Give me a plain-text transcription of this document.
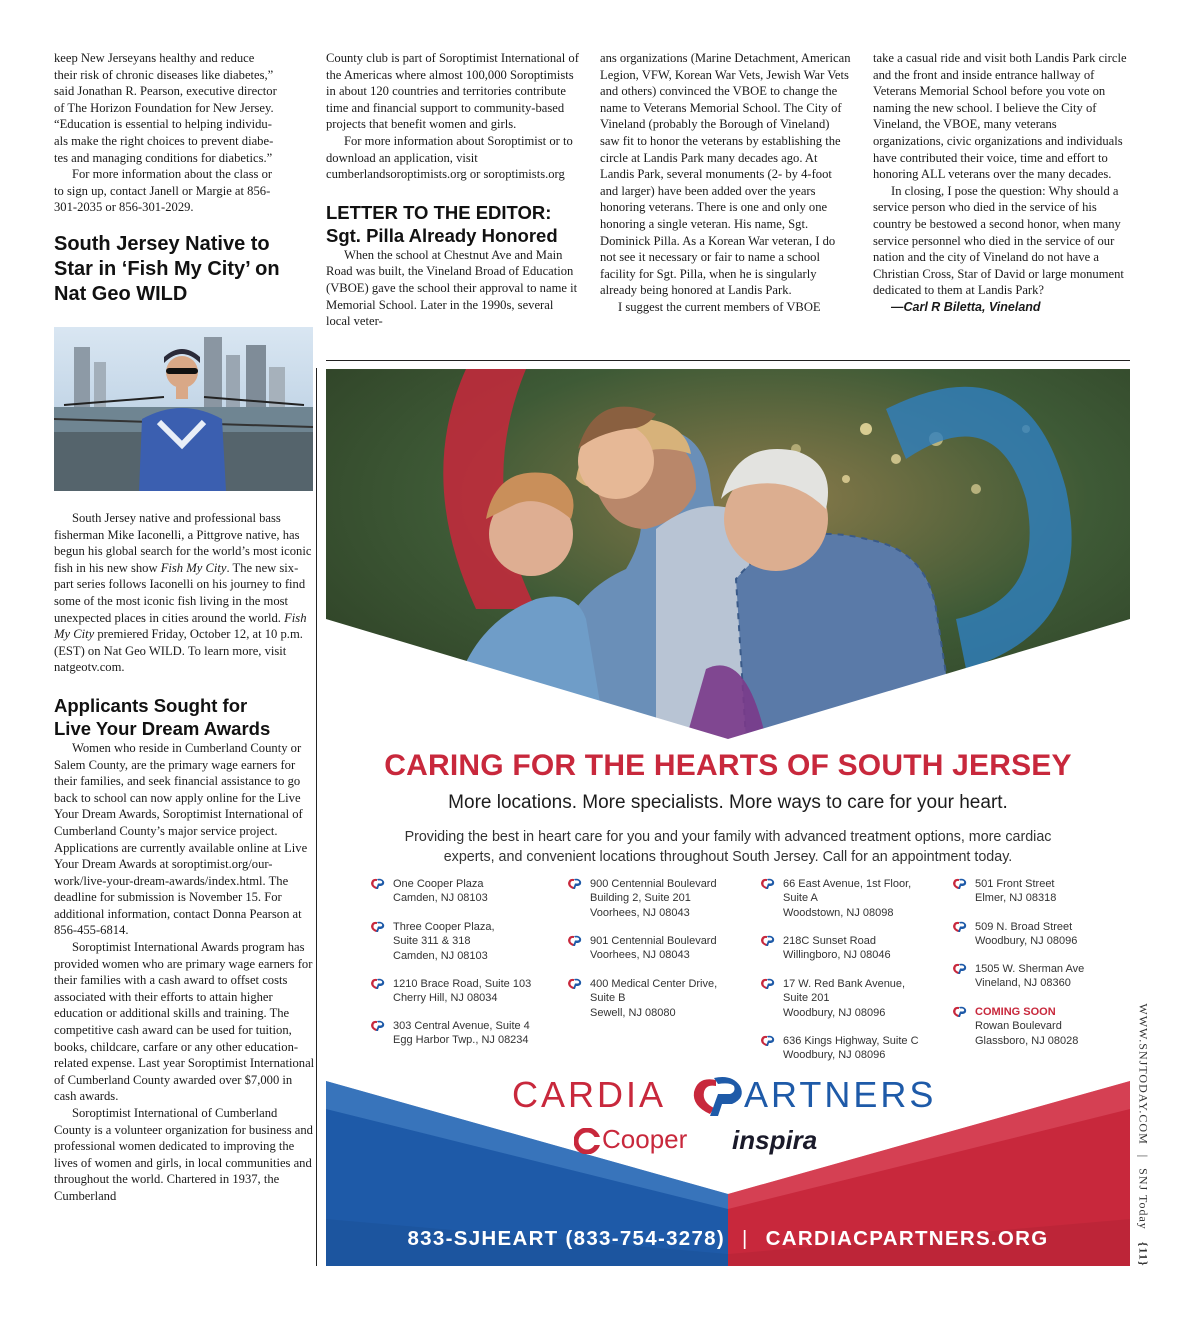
keep New Jerseyans healthy and reduce
their risk of chronic diseases like diabetes,”
said Jonathan R. Pearson, executive director
of The Horizon Foundation for New Jersey.
“Education is essential to helping individu-
als make the right choices to prevent diabe-
tes and managing conditions for diabetics.”
For more information about the class or
to sign up, contact Janell or Margie at 856-
301-2035 or 856-301-2029.
South Jersey Native to
Star in ‘Fish My City’ on
Nat Geo WILD

South Jersey native and professional bass fisherman Mike Iaconelli, a Pittgrove native, has begun his global search for the world’s most iconic fish in his new show Fish My City. The new six-part series follows Iaconelli on his journey to find some of the most iconic fish living in the most unexpected places in cities around the world. Fish My City premiered Friday, October 12, at 10 p.m. (EST) on Nat Geo WILD. To learn more, visit natgeotv.com.

Applicants Sought for
Live Your Dream Awards

Women who reside in Cumberland County or Salem County, are the primary wage earners for their families, and seek financial assistance to go back to school can now apply online for the Live Your Dream Awards, Soroptimist International of Cumberland County’s major service project. Applications are currently available online at Live Your Dream Awards at soroptimist.org/our-work/live-your-dream-awards/index.html. The deadline for submission is November 15. For additional information, contact Donna Pearson at 856-455-6814.

Soroptimist International Awards program has provided women who are primary wage earners for their families with a cash award to offset costs associated with their efforts to attain higher education or additional skills and training. The competitive cash award can be used for tuition, books, childcare, carfare or any other education-related expense. Last year Soroptimist International of Cumberland County awarded over $7,000 in cash awards.

Soroptimist International of Cumberland County is a volunteer organization for business and professional women dedicated to improving the lives of women and girls, in local communities and throughout the world. Chartered in 1937, the Cumberland

County club is part of Soroptimist International of the Americas where almost 100,000 Soroptimists in about 120 countries and territories contribute time and financial support to community-based projects that benefit women and girls.

For more information about Soroptimist or to download an application, visit cumberlandsoroptimists.org or soroptimists.org

LETTER TO THE EDITOR:
Sgt. Pilla Already Honored

When the school at Chestnut Ave and Main Road was built, the Vineland Broad of Education (VBOE) gave the school their approval to name it Memorial School. Later in the 1990s, several local veter-

ans organizations (Marine Detachment, American Legion, VFW, Korean War Vets, Jewish War Vets and others) convinced the VBOE to change the name to Veterans Memorial School. The City of Vineland (probably the Borough of Vineland) saw fit to honor the veterans by establishing the circle at Landis Park many decades ago. At Landis Park, several monuments (2- by 4-foot and larger) have been added over the years honoring veterans. There is one and only one honoring a single veteran. His name, Sgt. Dominick Pilla. As a Korean War veteran, I do not see it necessary or fair to name a school facility for Sgt. Pilla, when he is singularly already being honored at Landis Park.

I suggest the current members of VBOE

take a casual ride and visit both Landis Park circle and the front and inside entrance hallway of Veterans Memorial School before you vote on naming the new school. I believe the City of Vineland, the VBOE, many veterans organizations, civic organizations and individuals have contributed their voice, time and effort to honoring ALL veterans over the many decades.

In closing, I pose the question: Why should a service person who died in the service of his country be bestowed a second honor, when many service personnel who died in the service of our nation and the city of Vineland do not have a Christian Cross, Star of David or large monument dedicated to them at Landis Park?

—Carl R Biletta, Vineland
CARING FOR THE HEARTS OF SOUTH JERSEY
More locations. More specialists. More ways to care for your heart.
Providing the best in heart care for you and your family with advanced treatment options, more cardiac experts, and convenient locations throughout South Jersey. Call for an appointment today.
One Cooper Plaza
Camden, NJ 08103
Three Cooper Plaza,
Suite 311 & 318
Camden, NJ 08103
1210 Brace Road, Suite 103
Cherry Hill, NJ 08034
303 Central Avenue, Suite 4
Egg Harbor Twp., NJ 08234
900 Centennial Boulevard
Building 2, Suite 201
Voorhees, NJ 08043
901 Centennial Boulevard
Voorhees, NJ 08043
400 Medical Center Drive,
Suite B
Sewell, NJ 08080
66 East Avenue, 1st Floor,
Suite A
Woodstown, NJ 08098
218C Sunset Road
Willingboro, NJ 08046
17 W. Red Bank Avenue,
Suite 201
Woodbury, NJ 08096
636 Kings Highway, Suite C
Woodbury, NJ 08096
501 Front Street
Elmer, NJ 08318
509 N. Broad Street
Woodbury, NJ 08096
1505 W. Sherman Ave
Vineland, NJ 08360
COMING SOON
Rowan Boulevard
Glassboro, NJ 08028
CARDIA ARTNERS
Cooper inspira
833-SJHEART (833-754-3278) | CARDIACPARTNERS.ORG
WWW.SNJTODAY.COM | SNJ Today {11}
